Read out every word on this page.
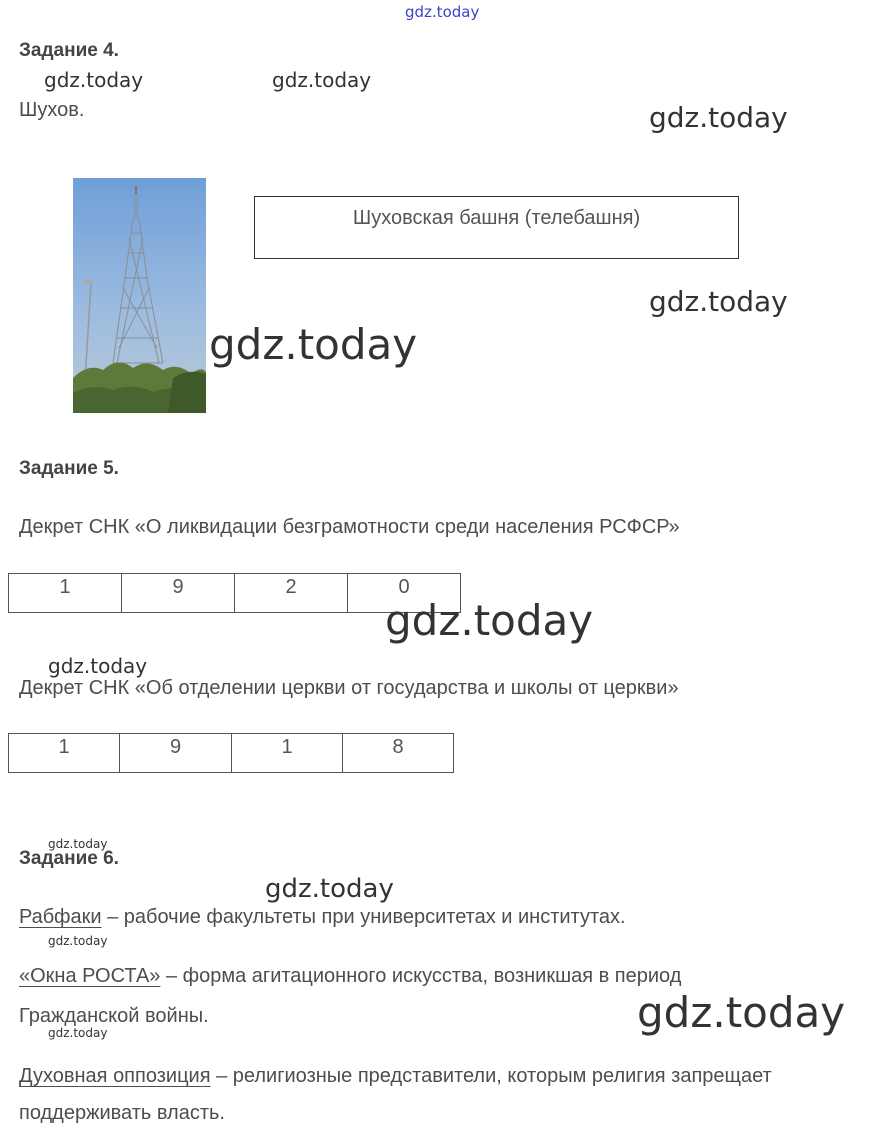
gdz.today
Задание 4.
gdz.today	gdz.today
Шухов.	gdz.today
Шуховская башня (телебашня)
gdz.today
gdz.today
Задание 5.
Декрет СНК «О ликвидации безграмотности среди населения РСФСР»
1	9	2	0
gdz.today
gdz.today
Декрет СНК «Об отделении церкви от государства и школы от церкви»
1	9	1	8
gdz.today
Задание 6.
gdz.today
Рабфаки – рабочие факультеты при университетах и институтах.
gdz.today
«Окна РОСТА» – форма агитационного искусства, возникшая в период
Гражданской войны.
gdz.today	gdz.today
Духовная оппозиция – религиозные представители, которым религия запрещает
поддерживать власть.
